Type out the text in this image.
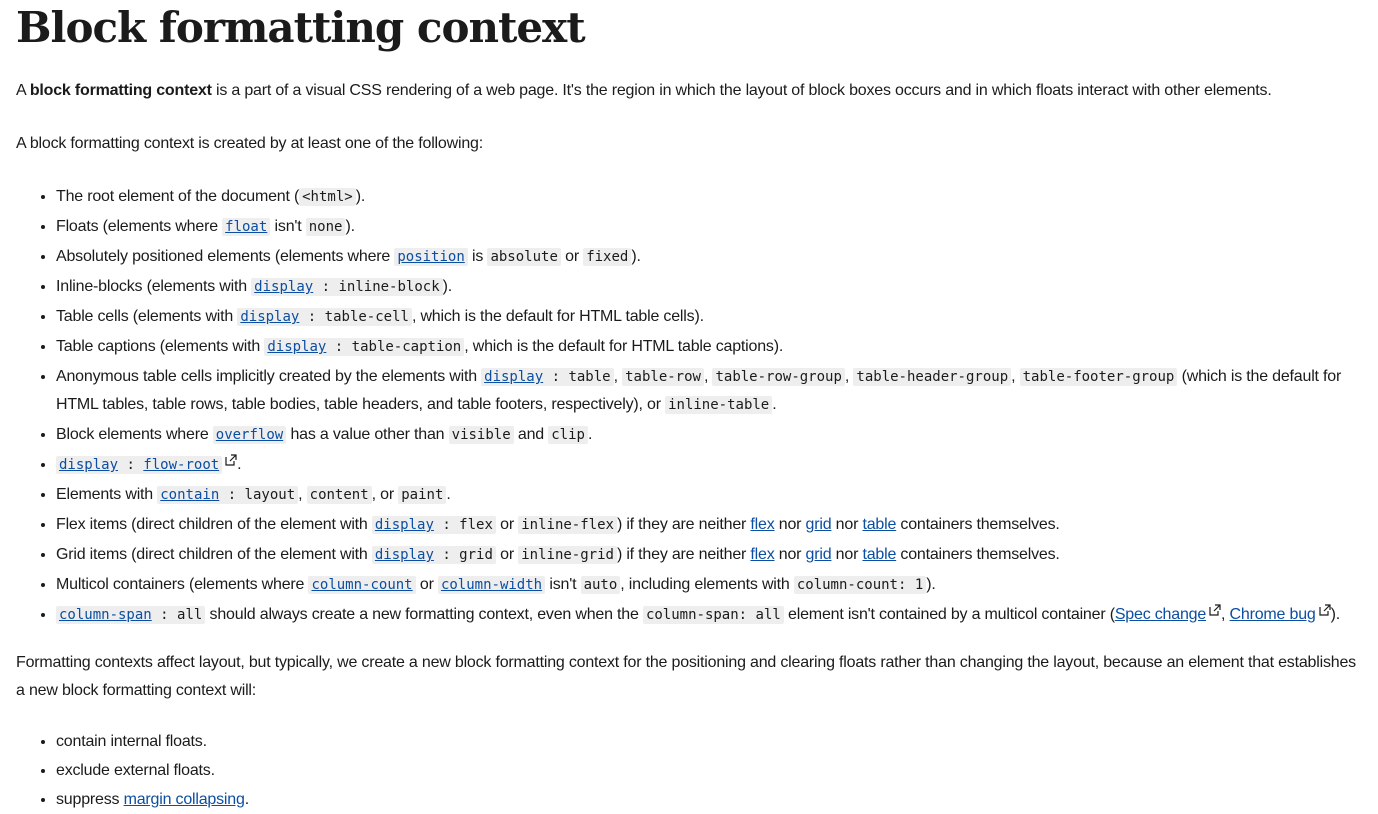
Block formatting context

A block formatting context is a part of a visual CSS rendering of a web page. It's the region in which the layout of block boxes occurs and in which floats interact with other elements.

A block formatting context is created by at least one of the following:

• The root element of the document ( <html> ).
• Floats (elements where float isn't none ).
• Absolutely positioned elements (elements where position is absolute or fixed ).
• Inline-blocks (elements with display : inline-block ).
• Table cells (elements with display : table-cell , which is the default for HTML table cells).
• Table captions (elements with display : table-caption , which is the default for HTML table captions).
• Anonymous table cells implicitly created by the elements with display : table , table-row , table-row-group , table-header-group , table-footer-group (which is the default for HTML tables, table rows, table bodies, table headers, and table footers, respectively), or inline-table .
• Block elements where overflow has a value other than visible and clip .
• display : flow-root .
• Elements with contain : layout , content , or paint .
• Flex items (direct children of the element with display : flex or inline-flex ) if they are neither flex nor grid nor table containers themselves.
• Grid items (direct children of the element with display : grid or inline-grid ) if they are neither flex nor grid nor table containers themselves.
• Multicol containers (elements where column-count or column-width isn't auto , including elements with column-count: 1 ).
• column-span : all should always create a new formatting context, even when the column-span: all element isn't contained by a multicol container (Spec change , Chrome bug ).

Formatting contexts affect layout, but typically, we create a new block formatting context for the positioning and clearing floats rather than changing the layout, because an element that establishes a new block formatting context will:

• contain internal floats.
• exclude external floats.
• suppress margin collapsing.
